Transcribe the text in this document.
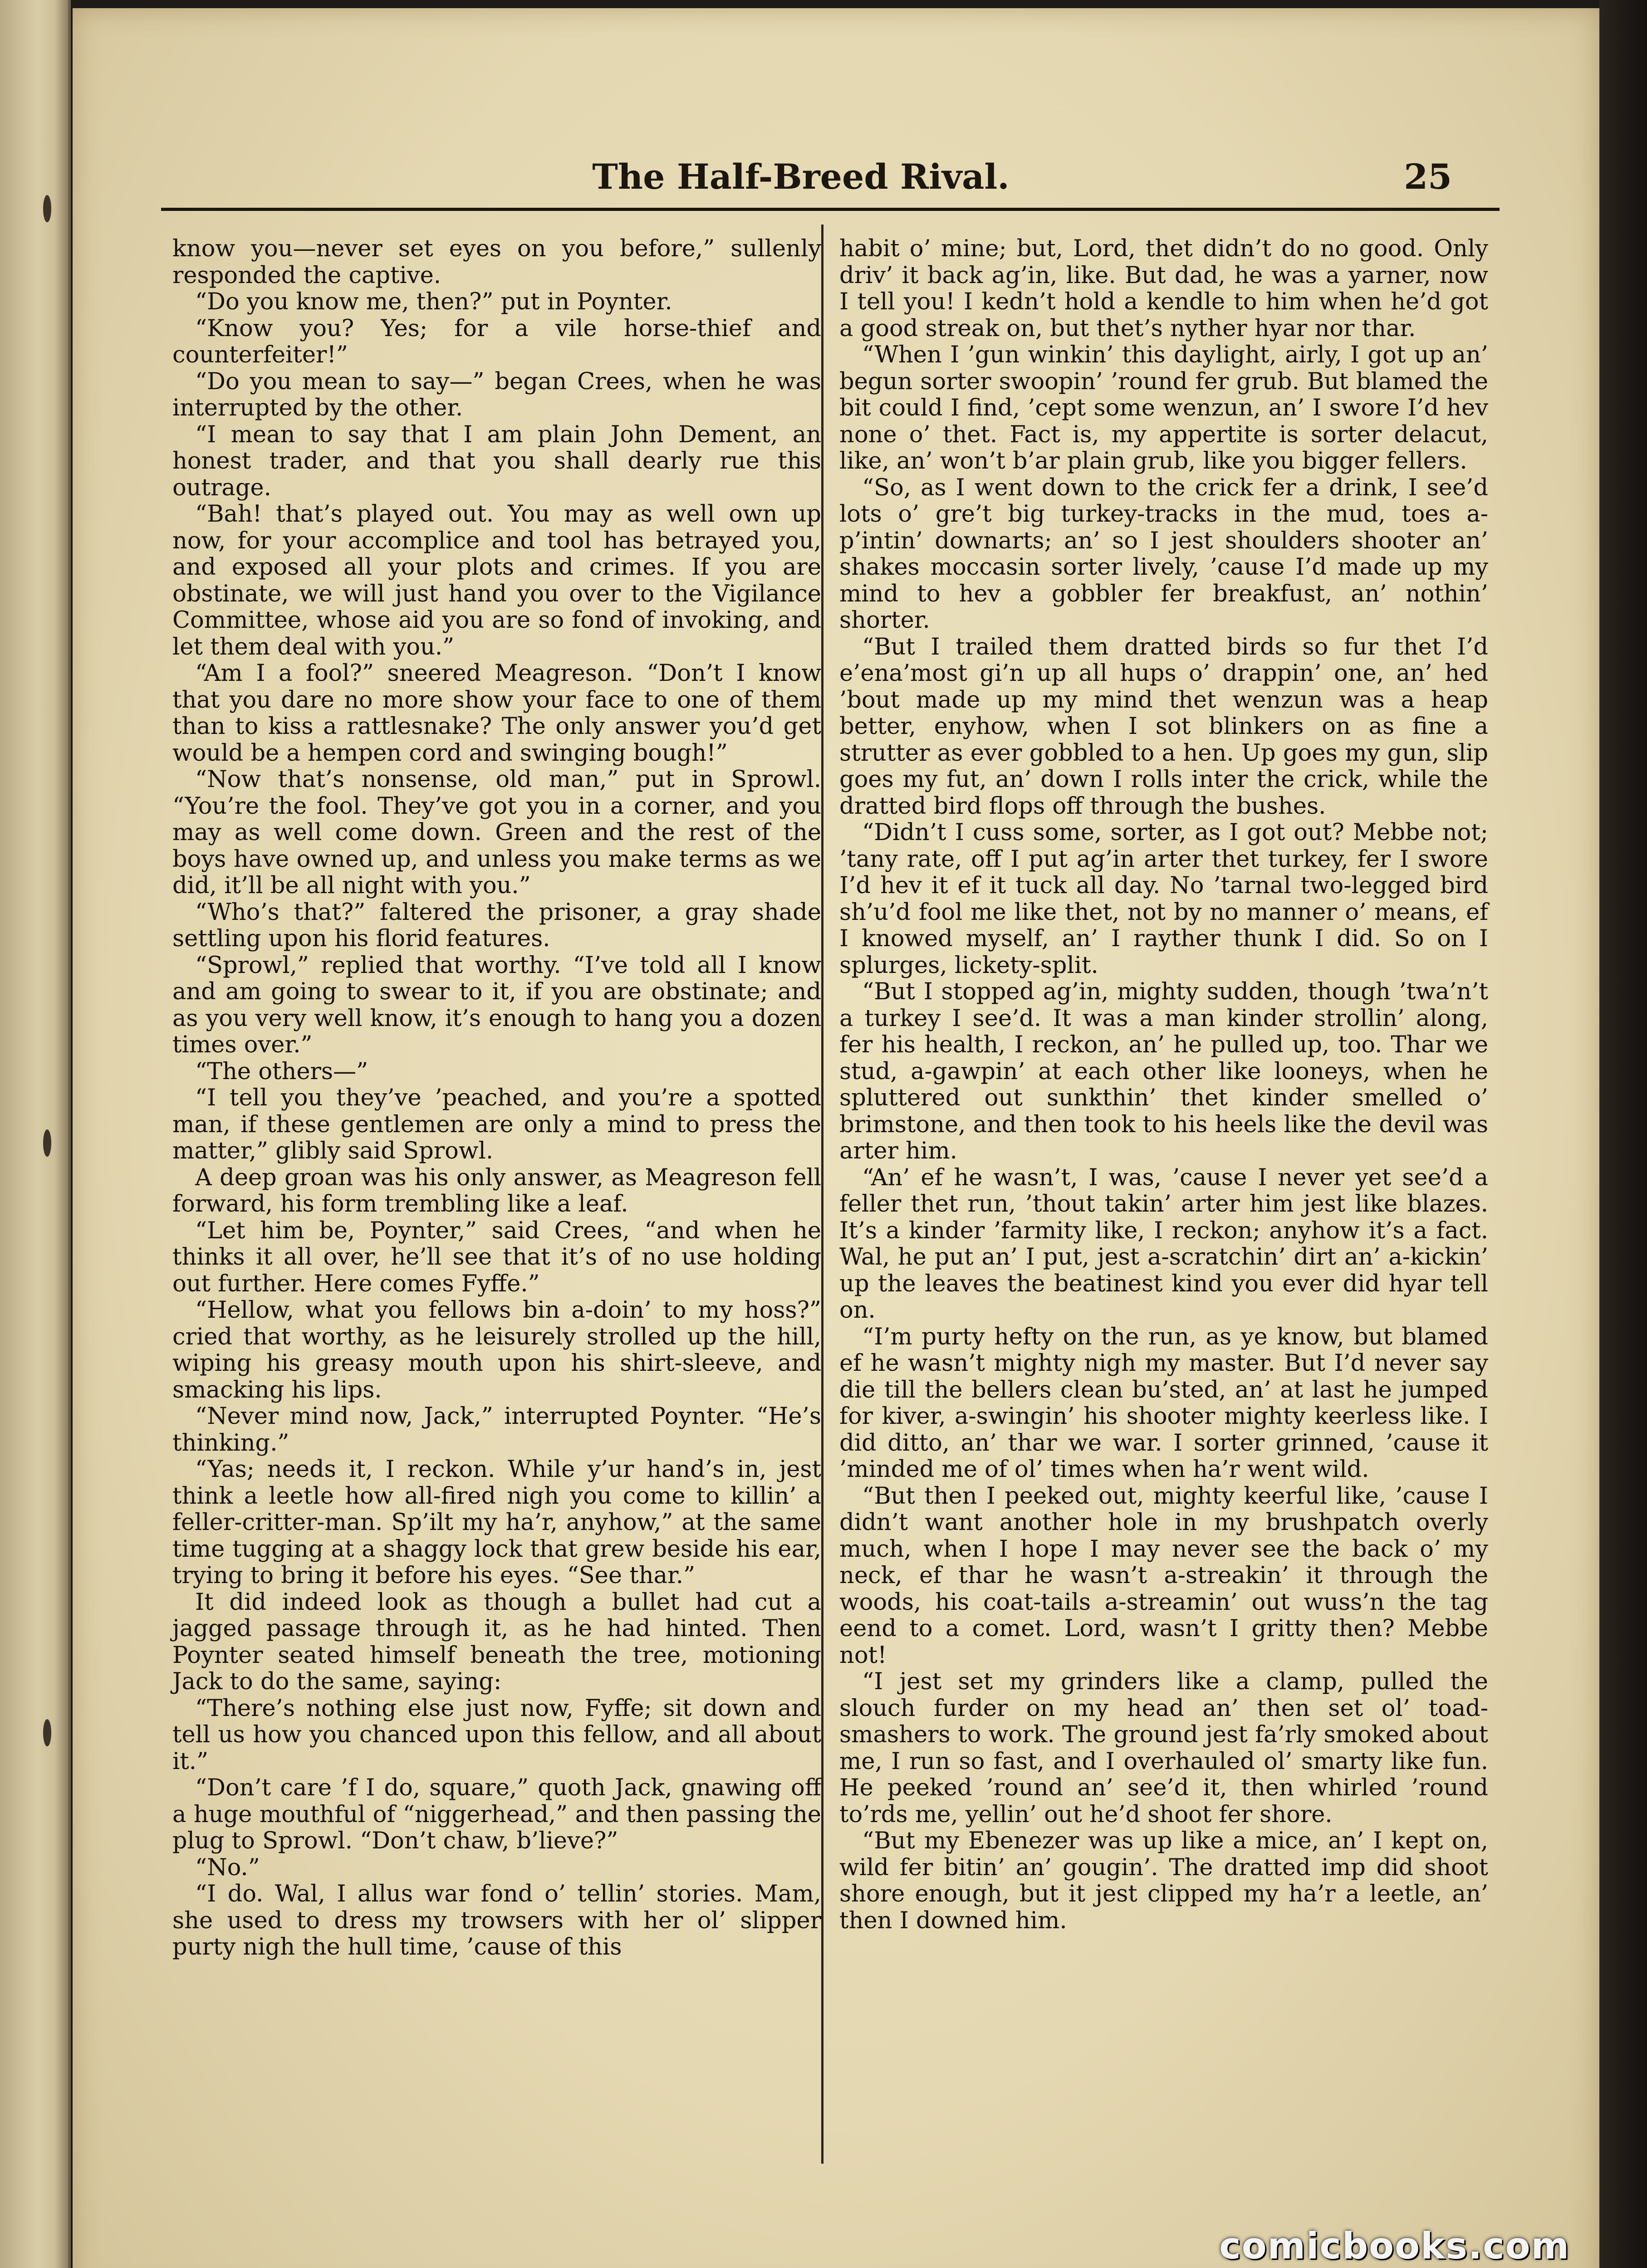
The Half-Breed Rival.	25

know you—never set eyes on you before,” sullenly responded the captive.

“Do you know me, then?” put in Poynter.

“Know you? Yes; for a vile horse-thief and counterfeiter!”

“Do you mean to say—” began Crees, when he was interrupted by the other.

“I mean to say that I am plain John Dement, an honest trader, and that you shall dearly rue this outrage.

“Bah! that’s played out. You may as well own up now, for your accomplice and tool has betrayed you, and exposed all your plots and crimes. If you are obstinate, we will just hand you over to the Vigilance Committee, whose aid you are so fond of invoking, and let them deal with you.”

“Am I a fool?” sneered Meagreson. “Don’t I know that you dare no more show your face to one of them than to kiss a rattlesnake? The only answer you’d get would be a hempen cord and swinging bough!”

“Now that’s nonsense, old man,” put in Sprowl. “You’re the fool. They’ve got you in a corner, and you may as well come down. Green and the rest of the boys have owned up, and unless you make terms as we did, it’ll be all night with you.”

“Who’s that?” faltered the prisoner, a gray shade settling upon his florid features.

“Sprowl,” replied that worthy. “I’ve told all I know and am going to swear to it, if you are obstinate; and as you very well know, it’s enough to hang you a dozen times over.”

“The others—”

“I tell you they’ve ’peached, and you’re a spotted man, if these gentlemen are only a mind to press the matter,” glibly said Sprowl.

A deep groan was his only answer, as Meagreson fell forward, his form trembling like a leaf.

“Let him be, Poynter,” said Crees, “and when he thinks it all over, he’ll see that it’s of no use holding out further. Here comes Fyffe.”

“Hellow, what you fellows bin a-doin’ to my hoss?” cried that worthy, as he leisurely strolled up the hill, wiping his greasy mouth upon his shirt-sleeve, and smacking his lips.

“Never mind now, Jack,” interrupted Poynter. “He’s thinking.”

“Yas; needs it, I reckon. While y’ur hand’s in, jest think a leetle how all-fired nigh you come to killin’ a feller-critter-man. Sp’ilt my ha’r, anyhow,” at the same time tugging at a shaggy lock that grew beside his ear, trying to bring it before his eyes. “See thar.”

It did indeed look as though a bullet had cut a jagged passage through it, as he had hinted. Then Poynter seated himself beneath the tree, motioning Jack to do the same, saying:

“There’s nothing else just now, Fyffe; sit down and tell us how you chanced upon this fellow, and all about it.”

“Don’t care ’f I do, square,” quoth Jack, gnawing off a huge mouthful of “niggerhead,” and then passing the plug to Sprowl. “Don’t chaw, b’lieve?”

“No.”

“I do. Wal, I allus war fond o’ tellin’ stories. Mam, she used to dress my trowsers with her ol’ slipper purty nigh the hull time, ’cause of this

habit o’ mine; but, Lord, thet didn’t do no good. Only driv’ it back ag’in, like. But dad, he was a yarner, now I tell you! I kedn’t hold a kendle to him when he’d got a good streak on, but thet’s nyther hyar nor thar.

“When I ’gun winkin’ this daylight, airly, I got up an’ begun sorter swoopin’ ’round fer grub. But blamed the bit could I find, ’cept some wenzun, an’ I swore I’d hev none o’ thet. Fact is, my appertite is sorter delacut, like, an’ won’t b’ar plain grub, like you bigger fellers.

“So, as I went down to the crick fer a drink, I see’d lots o’ gre’t big turkey-tracks in the mud, toes a-p’intin’ downarts; an’ so I jest shoulders shooter an’ shakes moccasin sorter lively, ’cause I’d made up my mind to hev a gobbler fer breakfust, an’ nothin’ shorter.

“But I trailed them dratted birds so fur thet I’d e’ena’most gi’n up all hups o’ drappin’ one, an’ hed ’bout made up my mind thet wenzun was a heap better, enyhow, when I sot blinkers on as fine a strutter as ever gobbled to a hen. Up goes my gun, slip goes my fut, an’ down I rolls inter the crick, while the dratted bird flops off through the bushes.

“Didn’t I cuss some, sorter, as I got out? Mebbe not; ’tany rate, off I put ag’in arter thet turkey, fer I swore I’d hev it ef it tuck all day. No ’tarnal two-legged bird sh’u’d fool me like thet, not by no manner o’ means, ef I knowed myself, an’ I rayther thunk I did. So on I splurges, lickety-split.

“But I stopped ag’in, mighty sudden, though ’twa’n’t a turkey I see’d. It was a man kinder strollin’ along, fer his health, I reckon, an’ he pulled up, too. Thar we stud, a-gawpin’ at each other like looneys, when he spluttered out sunkthin’ thet kinder smelled o’ brimstone, and then took to his heels like the devil was arter him.

“An’ ef he wasn’t, I was, ’cause I never yet see’d a feller thet run, ’thout takin’ arter him jest like blazes. It’s a kinder ’farmity like, I reckon; anyhow it’s a fact. Wal, he put an’ I put, jest a-scratchin’ dirt an’ a-kickin’ up the leaves the beatinest kind you ever did hyar tell on.

“I’m purty hefty on the run, as ye know, but blamed ef he wasn’t mighty nigh my master. But I’d never say die till the bellers clean bu’sted, an’ at last he jumped for kiver, a-swingin’ his shooter mighty keerless like. I did ditto, an’ thar we war. I sorter grinned, ’cause it ’minded me of ol’ times when ha’r went wild.

“But then I peeked out, mighty keerful like, ’cause I didn’t want another hole in my brushpatch overly much, when I hope I may never see the back o’ my neck, ef thar he wasn’t a-streakin’ it through the woods, his coat-tails a-streamin’ out wuss’n the tag eend to a comet. Lord, wasn’t I gritty then? Mebbe not!

“I jest set my grinders like a clamp, pulled the slouch furder on my head an’ then set ol’ toad-smashers to work. The ground jest fa’rly smoked about me, I run so fast, and I overhauled ol’ smarty like fun. He peeked ’round an’ see’d it, then whirled ’round to’rds me, yellin’ out he’d shoot fer shore.

“But my Ebenezer was up like a mice, an’ I kept on, wild fer bitin’ an’ gougin’. The dratted imp did shoot shore enough, but it jest clipped my ha’r a leetle, an’ then I downed him.

comicbooks.com
